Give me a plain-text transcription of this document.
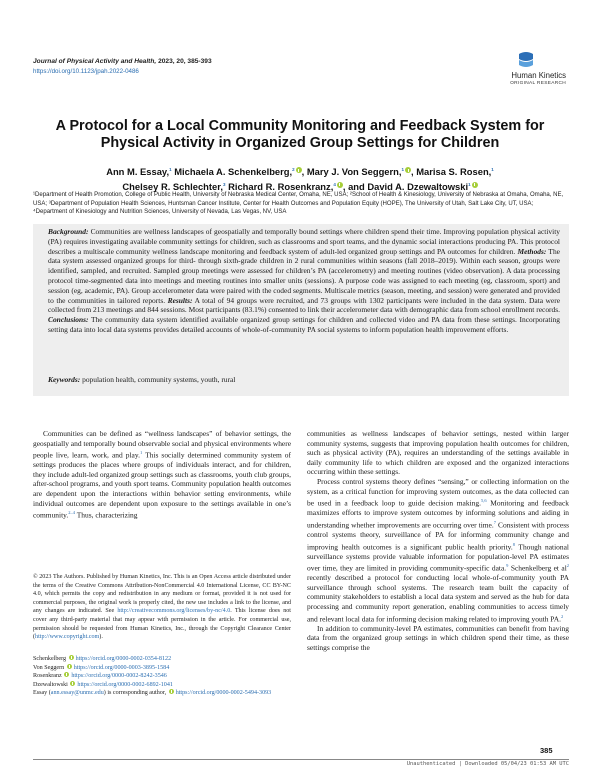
Journal of Physical Activity and Health, 2023, 20, 385-393
https://doi.org/10.1123/jpah.2022-0486	Human Kinetics
ORIGINAL RESEARCH
A Protocol for a Local Community Monitoring and Feedback System for Physical Activity in Organized Group Settings for Children
Ann M. Essay,$^1$ Michaela A. Schenkelberg,$^2$ , Mary J. Von Seggern,$^1$ , Marisa S. Rosen,$^1$
Chelsey R. Schlechter,$^3$ Richard R. Rosenkranz,$^4$ , and David A. Dzewaltowski$^1$
¹Department of Health Promotion, College of Public Health, University of Nebraska Medical Center, Omaha, NE, USA; ²School of Health & Kinesiology, University of Nebraska at Omaha, Omaha, NE, USA; ³Department of Population Health Sciences, Huntsman Cancer Institute, Center for Health Outcomes and Population Equity (HOPE), The University of Utah, Salt Lake City, UT, USA; ⁴Department of Kinesiology and Nutrition Sciences, University of Nevada, Las Vegas, NV, USA
Background: Communities are wellness landscapes of geospatially and temporally bound settings where children spend their time. Improving population physical activity (PA) requires investigating available community settings for children, such as classrooms and sport teams, and the dynamic social interactions producing PA. This protocol describes a multiscale community wellness landscape monitoring and feedback system of adult-led organized group settings and PA outcomes for children. Methods: The data system assessed organized groups for third- through sixth-grade children in 2 rural communities within seasons (fall 2018–2019). Within each season, groups were identified, sampled, and recruited. Sampled group meetings were assessed for children’s PA (accelerometry) and meeting routines (video observation). A data processing protocol time-segmented data into meetings and meeting routines into smaller units (sessions). A purpose code was assigned to each meeting (eg, classroom, sport) and session (eg, academic, PA). Group accelerometer data were paired with the coded segments. Multiscale metrics (season, meeting, and session) were generated and provided to the communities in tailored reports. Results: A total of 94 groups were recruited, and 73 groups with 1302 participants were included in the data system. Data were collected from 213 meetings and 844 sessions. Most participants (83.1%) consented to link their accelerometer data with demographic data from school enrollment records. Conclusions: The community data system identified available organized group settings for children and collected video and PA data from these settings. Incorporating setting data into local data systems provides detailed accounts of whole-of-community PA social systems to inform population health improvement efforts.
Keywords: population health, community systems, youth, rural

Communities can be defined as “wellness landscapes” of behavior settings, the geospatially and temporally bound observable social and physical environments where people live, learn, work, and play.$^1$ This socially determined community system of settings produces the places where groups of individuals interact, and for children, they include adult-led organized group settings such as classrooms, youth club groups, after-school programs, and youth sport teams. Community population health outcomes are dependent upon the interactions within behavior setting environments, while individual outcomes are dependent upon exposure to the settings available in one’s community.$^{2-4}$ Thus, characterizing

© 2023 The Authors. Published by Human Kinetics, Inc. This is an Open Access article distributed under the terms of the Creative Commons Attribution-NonCommercial 4.0 International License, CC BY-NC 4.0, which permits the copy and redistribution in any medium or format, provided it is not used for commercial purposes, the original work is properly cited, the new use includes a link to the license, and any changes are indicated. See http://creativecommons.org/licenses/by-nc/4.0. This license does not cover any third-party material that may appear with permission in the article. For commercial use, permission should be requested from Human Kinetics, Inc., through the Copyright Clearance Center (http://www.copyright.com).
Schenkelberg https://orcid.org/0000-0002-0354-8122
Von Seggern https://orcid.org/0000-0003-3895-1584
Rosenkranz https://orcid.org/0000-0002-8242-3546
Dzewaltowski https://orcid.org/0000-0002-6892-1041
Essay (ann.essay@unmc.edu) is corresponding author, https://orcid.org/0000-0002-5494-3093

communities as wellness landscapes of behavior settings, nested within larger community systems, suggests that improving population health outcomes for children, such as physical activity (PA), requires an understanding of the settings available in daily community life to which children are exposed and the organized interactions occurring within these settings.

Process control systems theory defines “sensing,” or collecting information on the system, as a critical function for improving system outcomes, as the data collected can be used in a feedback loop to guide decision making.$^{5,6}$ Monitoring and feedback maximizes efforts to improve system outcomes by informing solutions and aiding in understanding whether improvements are occurring over time.$^7$ Consistent with process control systems theory, surveillance of PA for informing community change and improving health outcomes is a significant public health priority.$^8$ Though national surveillance systems provide valuable information for population-level PA estimates over time, they are limited in providing community-specific data.$^9$ Schenkelberg et $al^2$ recently described a protocol for conducting local whole-of-community youth PA surveillance through school systems. The research team built the capacity of community stakeholders to establish a local data system and served as the hub for data processing and community report generation, enabling communities to access timely and relevant local data for informing decision making related to improving youth PA.$^2$

In addition to community-level PA estimates, communities can benefit from having data from the organized group settings in which children spend their time, as these settings comprise the

385
Unauthenticated | Downloaded 05/04/23 01:53 AM UTC
